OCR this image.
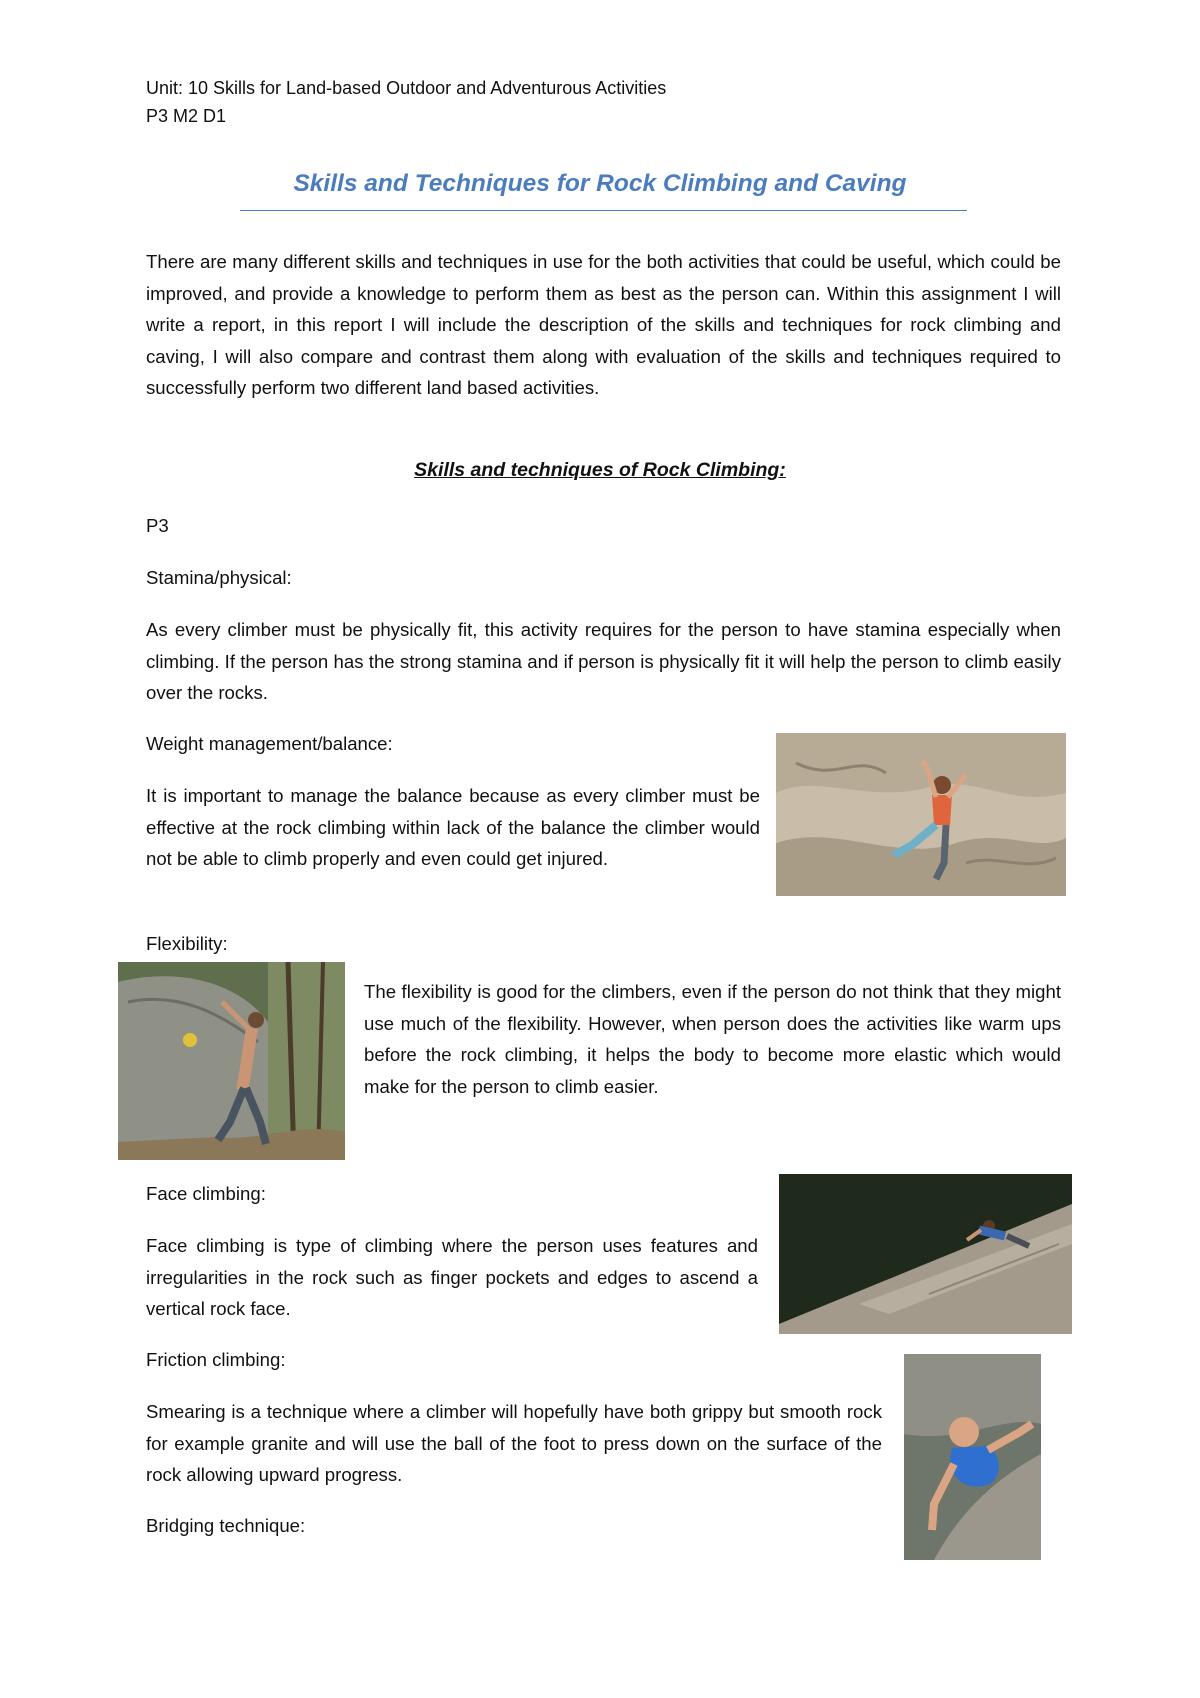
Unit: 10 Skills for Land-based Outdoor and Adventurous Activities

P3 M2 D1

Skills and Techniques for Rock Climbing and Caving

There are many different skills and techniques in use for the both activities that could be useful, which could be improved, and provide a knowledge to perform them as best as the person can. Within this assignment I will write a report, in this report I will include the description of the skills and techniques for rock climbing and caving, I will also compare and contrast them along with evaluation of the skills and techniques required to successfully perform two different land based activities.

Skills and techniques of Rock Climbing:

P3

Stamina/physical:

As every climber must be physically fit, this activity requires for the person to have stamina especially when climbing. If the person has the strong stamina and if person is physically fit it will help the person to climb easily over the rocks.

Weight management/balance:

It is important to manage the balance because as every climber must be effective at the rock climbing within lack of the balance the climber would not be able to climb properly and even could get injured.

Flexibility:

The flexibility is good for the climbers, even if the person do not think that they might use much of the flexibility. However, when person does the activities like warm ups before the rock climbing, it helps the body to become more elastic which would make for the person to climb easier.

Face climbing:

Face climbing is type of climbing where the person uses features and irregularities in the rock such as finger pockets and edges to ascend a vertical rock face.

Friction climbing:

Smearing is a technique where a climber will hopefully have both grippy but smooth rock for example granite and will use the ball of the foot to press down on the surface of the rock allowing upward progress.

Bridging technique:
